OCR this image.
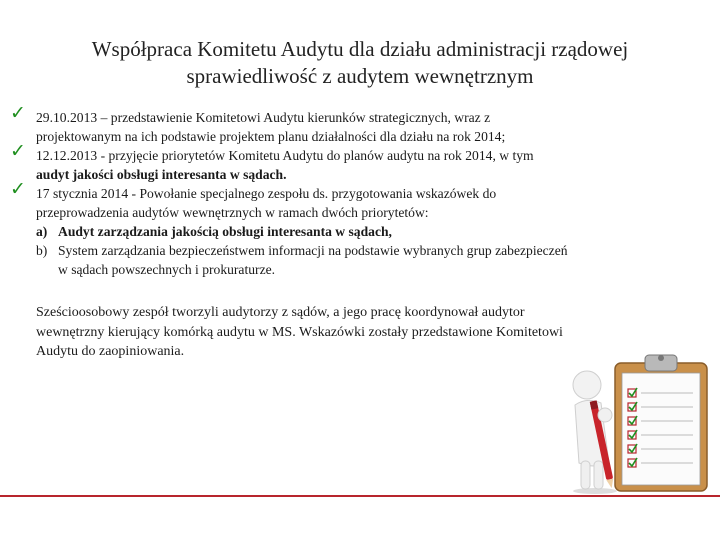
Współpraca Komitetu Audytu dla działu administracji rządowej
sprawiedliwość z audytem wewnętrznym
✓ 29.10.2013 – przedstawienie Komitetowi Audytu kierunków strategicznych, wraz z
projektowanym na ich podstawie projektem planu działalności dla działu na rok 2014;
✓ 12.12.2013 - przyjęcie priorytetów Komitetu Audytu do planów audytu na rok 2014, w tym
audyt jakości obsługi interesanta w sądach.
✓ 17 stycznia 2014 - Powołanie specjalnego zespołu ds. przygotowania wskazówek do
przeprowadzenia audytów wewnętrznych w ramach dwóch priorytetów:
a) Audyt zarządzania jakością obsługi interesanta w sądach,
b) System zarządzania bezpieczeństwem informacji na podstawie wybranych grup zabezpieczeń
w sądach powszechnych i prokuraturze.
Sześcioosobowy zespół tworzyli audytorzy z sądów, a jego pracę koordynował audytor
wewnętrzny kierujący komórką audytu w MS. Wskazówki zostały przedstawione Komitetowi
Audytu do zaopiniowania.
